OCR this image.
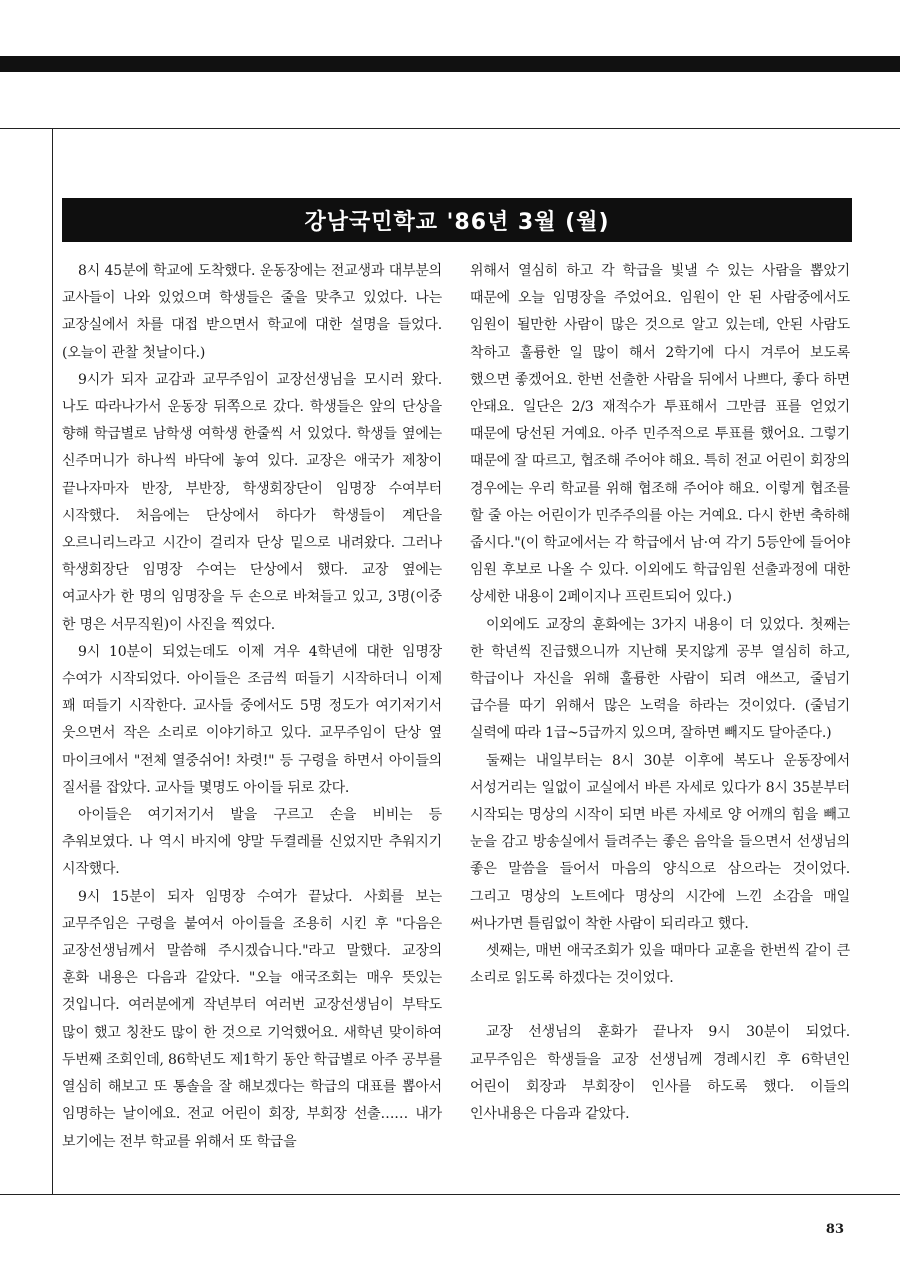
강남국민학교 '86년 3월 (월)

8시 45분에 학교에 도착했다. 운동장에는 전교생과 대부분의 교사들이 나와 있었으며 학생들은 줄을 맞추고 있었다. 나는 교장실에서 차를 대접 받으면서 학교에 대한 설명을 들었다. (오늘이 관찰 첫날이다.)

9시가 되자 교감과 교무주임이 교장선생님을 모시러 왔다. 나도 따라나가서 운동장 뒤쪽으로 갔다. 학생들은 앞의 단상을 향해 학급별로 남학생 여학생 한줄씩 서 있었다. 학생들 옆에는 신주머니가 하나씩 바닥에 놓여 있다. 교장은 애국가 제창이 끝나자마자 반장, 부반장, 학생회장단이 임명장 수여부터 시작했다. 처음에는 단상에서 하다가 학생들이 계단을 오르니리느라고 시간이 걸리자 단상 밑으로 내려왔다. 그러나 학생회장단 임명장 수여는 단상에서 했다. 교장 옆에는 여교사가 한 명의 임명장을 두 손으로 바쳐들고 있고, 3명(이중 한 명은 서무직원)이 사진을 찍었다.

9시 10분이 되었는데도 이제 겨우 4학년에 대한 임명장 수여가 시작되었다. 아이들은 조금씩 떠들기 시작하더니 이제 꽤 떠들기 시작한다. 교사들 중에서도 5명 정도가 여기저기서 웃으면서 작은 소리로 이야기하고 있다. 교무주임이 단상 옆 마이크에서 "전체 열중쉬어! 차렷!" 등 구령을 하면서 아이들의 질서를 잡았다. 교사들 몇명도 아이들 뒤로 갔다.

아이들은 여기저기서 발을 구르고 손을 비비는 등 추워보였다. 나 역시 바지에 양말 두켤레를 신었지만 추워지기 시작했다.

9시 15분이 되자 임명장 수여가 끝났다. 사회를 보는 교무주임은 구령을 붙여서 아이들을 조용히 시킨 후 "다음은 교장선생님께서 말씀해 주시겠습니다."라고 말했다. 교장의 훈화 내용은 다음과 같았다. "오늘 애국조회는 매우 뜻있는 것입니다. 여러분에게 작년부터 여러번 교장선생님이 부탁도 많이 했고 칭찬도 많이 한 것으로 기억했어요. 새학년 맞이하여 두번째 조회인데, 86학년도 제1학기 동안 학급별로 아주 공부를 열심히 해보고 또 통솔을 잘 해보겠다는 학급의 대표를 뽑아서 임명하는 날이에요. 전교 어린이 회장, 부회장 선출…… 내가 보기에는 전부 학교를 위해서 또 학급을

위해서 열심히 하고 각 학급을 빛낼 수 있는 사람을 뽑았기 때문에 오늘 임명장을 주었어요. 임원이 안 된 사람중에서도 임원이 될만한 사람이 많은 것으로 알고 있는데, 안된 사람도 착하고 훌륭한 일 많이 해서 2학기에 다시 겨루어 보도록 했으면 좋겠어요. 한번 선출한 사람을 뒤에서 나쁘다, 좋다 하면 안돼요. 일단은 2/3 재적수가 투표해서 그만큼 표를 얻었기 때문에 당선된 거예요. 아주 민주적으로 투표를 했어요. 그렇기 때문에 잘 따르고, 협조해 주어야 해요. 특히 전교 어린이 회장의 경우에는 우리 학교를 위해 협조해 주어야 해요. 이렇게 협조를 할 줄 아는 어린이가 민주주의를 아는 거예요. 다시 한번 축하해 줍시다."(이 학교에서는 각 학급에서 남·여 각기 5등안에 들어야 임원 후보로 나올 수 있다. 이외에도 학급임원 선출과정에 대한 상세한 내용이 2페이지나 프린트되어 있다.)

이외에도 교장의 훈화에는 3가지 내용이 더 있었다. 첫째는 한 학년씩 진급했으니까 지난해 못지않게 공부 열심히 하고, 학급이나 자신을 위해 훌륭한 사람이 되려 애쓰고, 줄넘기 급수를 따기 위해서 많은 노력을 하라는 것이었다. (줄넘기 실력에 따라 1급~5급까지 있으며, 잘하면 빼지도 달아준다.)

둘째는 내일부터는 8시 30분 이후에 복도나 운동장에서 서성거리는 일없이 교실에서 바른 자세로 있다가 8시 35분부터 시작되는 명상의 시작이 되면 바른 자세로 양 어깨의 힘을 빼고 눈을 감고 방송실에서 들려주는 좋은 음악을 들으면서 선생님의 좋은 말씀을 들어서 마음의 양식으로 삼으라는 것이었다. 그리고 명상의 노트에다 명상의 시간에 느낀 소감을 매일 써나가면 틀림없이 착한 사람이 되리라고 했다.

셋째는, 매번 애국조회가 있을 때마다 교훈을 한번씩 같이 큰 소리로 읽도록 하겠다는 것이었다.

교장 선생님의 훈화가 끝나자 9시 30분이 되었다. 교무주임은 학생들을 교장 선생님께 경례시킨 후 6학년인 어린이 회장과 부회장이 인사를 하도록 했다. 이들의 인사내용은 다음과 같았다.

83
